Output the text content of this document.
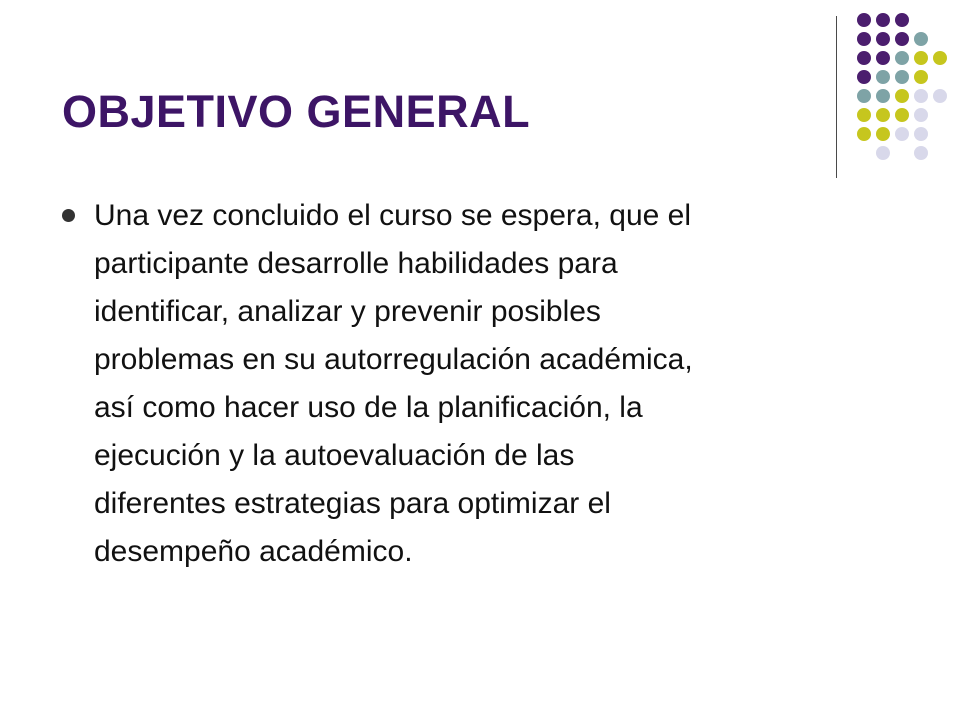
OBJETIVO GENERAL
Una vez concluido el curso se espera, que el
participante desarrolle habilidades para
identificar, analizar y prevenir posibles
problemas en su autorregulación académica,
así como hacer uso de la planificación, la
ejecución y la autoevaluación de las
diferentes estrategias para optimizar el
desempeño académico.
